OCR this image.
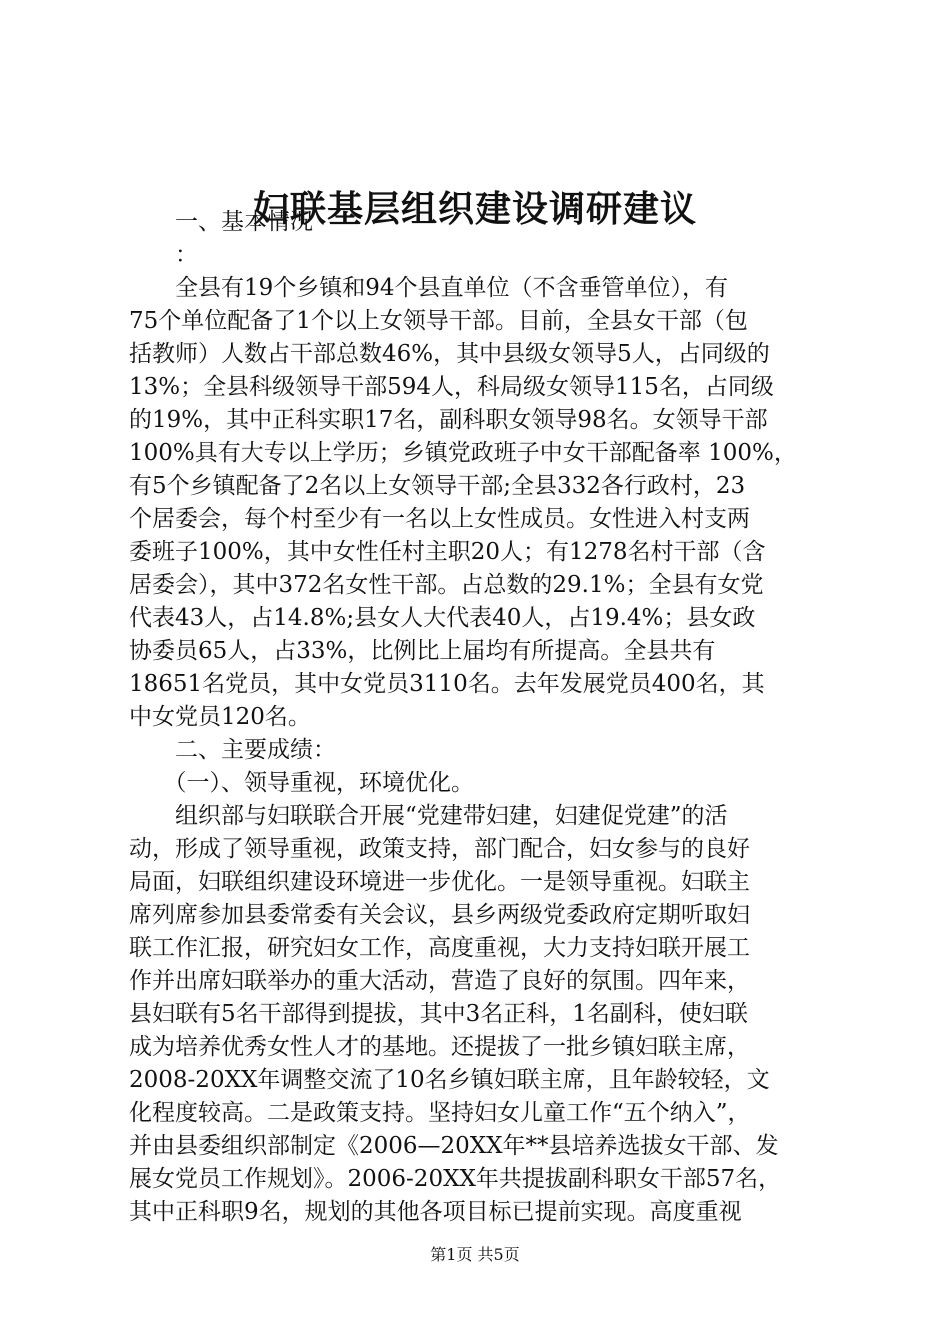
妇联基层组织建设调研建议

　　一、基本情况

　　：

　　全县有19个乡镇和94个县直单位（不含垂管单位），有

75个单位配备了1个以上女领导干部。目前，全县女干部（包

括教师）人数占干部总数46%，其中县级女领导5人，占同级的

13%；全县科级领导干部594人，科局级女领导115名，占同级

的19%，其中正科实职17名，副科职女领导98名。女领导干部

100%具有大专以上学历；乡镇党政班子中女干部配备率 100%，

有5个乡镇配备了2名以上女领导干部;全县332各行政村，23

个居委会，每个村至少有一名以上女性成员。女性进入村支两

委班子100%，其中女性任村主职20人；有1278名村干部（含

居委会），其中372名女性干部。占总数的29.1%；全县有女党

代表43人，占14.8%;县女人大代表40人，占19.4%；县女政

协委员65人，占33%，比例比上届均有所提高。全县共有

18651名党员，其中女党员3110名。去年发展党员400名，其

中女党员120名。

　　二、主要成绩：

　　（一）、领导重视，环境优化。

　　组织部与妇联联合开展“党建带妇建，妇建促党建”的活

动，形成了领导重视，政策支持，部门配合，妇女参与的良好

局面，妇联组织建设环境进一步优化。一是领导重视。妇联主

席列席参加县委常委有关会议，县乡两级党委政府定期听取妇

联工作汇报，研究妇女工作，高度重视，大力支持妇联开展工

作并出席妇联举办的重大活动，营造了良好的氛围。四年来，

县妇联有5名干部得到提拔，其中3名正科，1名副科，使妇联

成为培养优秀女性人才的基地。还提拔了一批乡镇妇联主席，

2008-20XX年调整交流了10名乡镇妇联主席，且年龄较轻，文

化程度较高。二是政策支持。坚持妇女儿童工作“五个纳入”，

并由县委组织部制定《2006—20XX年**县培养选拔女干部、发

展女党员工作规划》。2006-20XX年共提拔副科职女干部57名，

其中正科职9名，规划的其他各项目标已提前实现。高度重视

第1页 共5页
